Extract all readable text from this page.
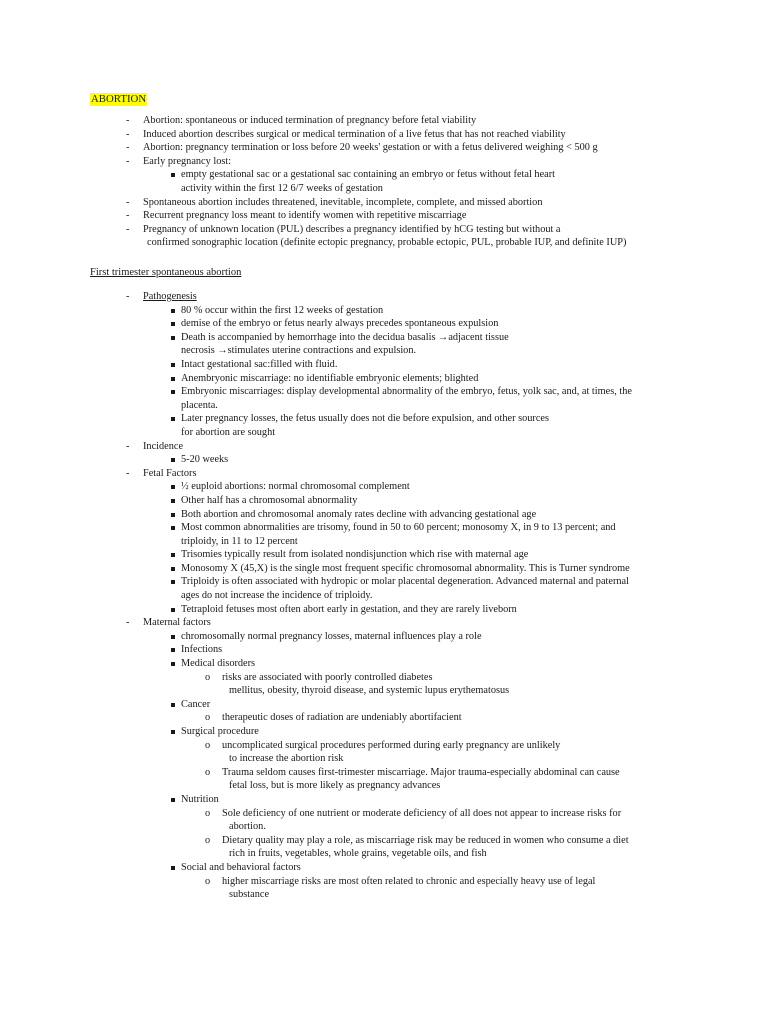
ABORTION
- Abortion: spontaneous or induced termination of pregnancy before fetal viability
- Induced abortion describes surgical or medical termination of a live fetus that has not reached viability
- Abortion: pregnancy termination or loss before 20 weeks' gestation or with a fetus delivered weighing < 500 g
- Early pregnancy lost:
empty gestational sac or a gestational sac containing an embryo or fetus without fetal heart
activity within the first 12 6/7 weeks of gestation
- Spontaneous abortion includes threatened, inevitable, incomplete, complete, and missed abortion
- Recurrent pregnancy loss meant to identify women with repetitive miscarriage
- Pregnancy of unknown location (PUL) describes a pregnancy identified by hCG testing but without a
confirmed sonographic location (definite ectopic pregnancy, probable ectopic, PUL, probable IUP, and definite IUP)
First trimester spontaneous abortion
- Pathogenesis
80 % occur within the first 12 weeks of gestation
demise of the embryo or fetus nearly always precedes spontaneous expulsion
Death is accompanied by hemorrhage into the decidua basalis →adjacent tissue
necrosis →stimulates uterine contractions and expulsion.
Intact gestational sac:filled with fluid.
Anembryonic miscarriage: no identifiable embryonic elements; blighted
Embryonic miscarriages: display developmental abnormality of the embryo, fetus, yolk sac, and, at times, the
placenta.
Later pregnancy losses, the fetus usually does not die before expulsion, and other sources
for abortion are sought
- Incidence
5-20 weeks
- Fetal Factors
½ euploid abortions: normal chromosomal complement
Other half has a chromosomal abnormality
Both abortion and chromosomal anomaly rates decline with advancing gestational age
Most common abnormalities are trisomy, found in 50 to 60 percent; monosomy X, in 9 to 13 percent; and
triploidy, in 11 to 12 percent
Trisomies typically result from isolated nondisjunction which rise with maternal age
Monosomy X (45,X) is the single most frequent specific chromosomal abnormality. This is Turner syndrome
Triploidy is often associated with hydropic or molar placental degeneration. Advanced maternal and paternal
ages do not increase the incidence of triploidy.
Tetraploid fetuses most often abort early in gestation, and they are rarely liveborn
- Maternal factors
chromosomally normal pregnancy losses, maternal influences play a role
Infections
Medical disorders
o risks are associated with poorly controlled diabetes
mellitus, obesity, thyroid disease, and systemic lupus erythematosus
Cancer
o therapeutic doses of radiation are undeniably abortifacient
Surgical procedure
o uncomplicated surgical procedures performed during early pregnancy are unlikely
to increase the abortion risk
o Trauma seldom causes first-trimester miscarriage. Major trauma-especially abdominal can cause
fetal loss, but is more likely as pregnancy advances
Nutrition
o Sole deficiency of one nutrient or moderate deficiency of all does not appear to increase risks for
abortion.
o Dietary quality may play a role, as miscarriage risk may be reduced in women who consume a diet
rich in fruits, vegetables, whole grains, vegetable oils, and fish
Social and behavioral factors
o higher miscarriage risks are most often related to chronic and especially heavy use of legal
substance
